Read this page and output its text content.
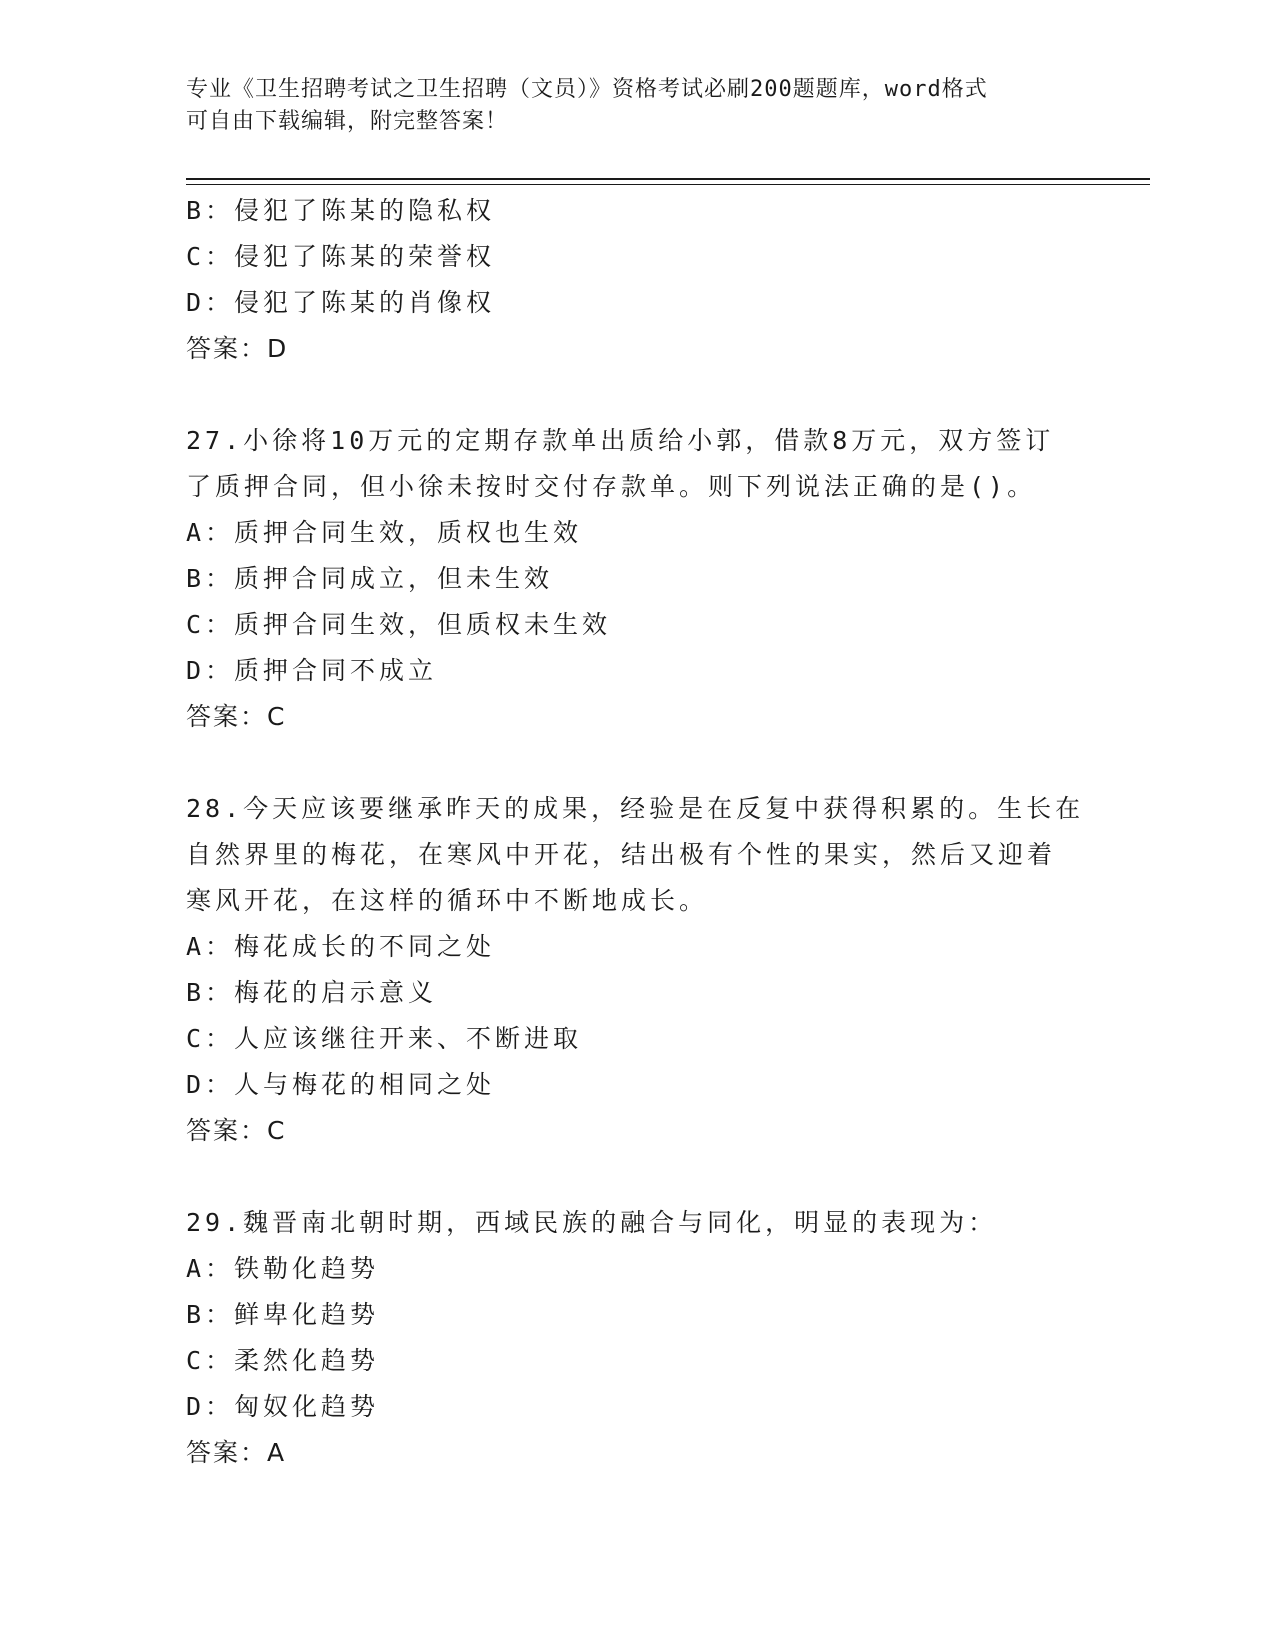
专业《卫生招聘考试之卫生招聘（文员）》资格考试必刷200题题库，word格式
可自由下载编辑，附完整答案！
B：侵犯了陈某的隐私权
C：侵犯了陈某的荣誉权
D：侵犯了陈某的肖像权
答案：D
27.小徐将10万元的定期存款单出质给小郭，借款8万元，双方签订
了质押合同，但小徐未按时交付存款单。则下列说法正确的是()。
A：质押合同生效，质权也生效
B：质押合同成立，但未生效
C：质押合同生效，但质权未生效
D：质押合同不成立
答案：C
28.今天应该要继承昨天的成果，经验是在反复中获得积累的。生长在
自然界里的梅花，在寒风中开花，结出极有个性的果实，然后又迎着
寒风开花，在这样的循环中不断地成长。
A：梅花成长的不同之处
B：梅花的启示意义
C：人应该继往开来、不断进取
D：人与梅花的相同之处
答案：C
29.魏晋南北朝时期，西域民族的融合与同化，明显的表现为：
A：铁勒化趋势
B：鲜卑化趋势
C：柔然化趋势
D：匈奴化趋势
答案：A
